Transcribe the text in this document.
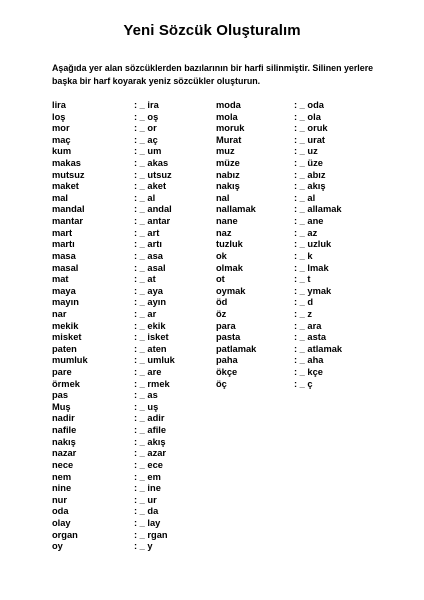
Yeni Sözcük Oluşturalım
Aşağıda yer alan sözcüklerden bazılarının bir harfi silinmiştir. Silinen yerlere başka bir harf koyarak yeniz sözcükler oluşturun.
lira	: _ ira
loş	: _ oş
mor	: _ or
maç	: _ aç
kum	: _ um
makas	: _ akas
mutsuz	: _ utsuz
maket	: _ aket
mal	: _ al
mandal	: _ andal
mantar	: _ antar
mart	: _ art
martı	: _ artı
masa	: _ asa
masal	: _ asal
mat	: _ at
maya	: _ aya
mayın	: _ ayın
nar	: _ ar
mekik	: _ ekik
misket	: _ isket
paten	: _ aten
mumluk	: _ umluk
pare	: _ are
örmek	: _ rmek
pas	: _ as
Muş	: _ uş
nadir	: _ adir
nafile	: _ afile
nakış	: _ akış
nazar	: _ azar
nece	: _ ece
nem	: _ em
nine	: _ ine
nur	: _ ur
oda	: _ da
olay	: _ lay
organ	: _ rgan
oy	: _ y
moda	: _ oda
mola	: _ ola
moruk	: _ oruk
Murat	: _ urat
muz	: _ uz
müze	: _ üze
nabız	: _ abız
nakış	: _ akış
nal	: _ al
nallamak	: _ allamak
nane	: _ ane
naz	: _ az
tuzluk	: _ uzluk
ok	: _ k
olmak	: _ lmak
ot	: _ t
oymak	: _ ymak
öd	: _ d
öz	: _ z
para	: _ ara
pasta	: _ asta
patlamak	: _ atlamak
paha	: _ aha
ökçe	: _ kçe
öç	: _ ç
